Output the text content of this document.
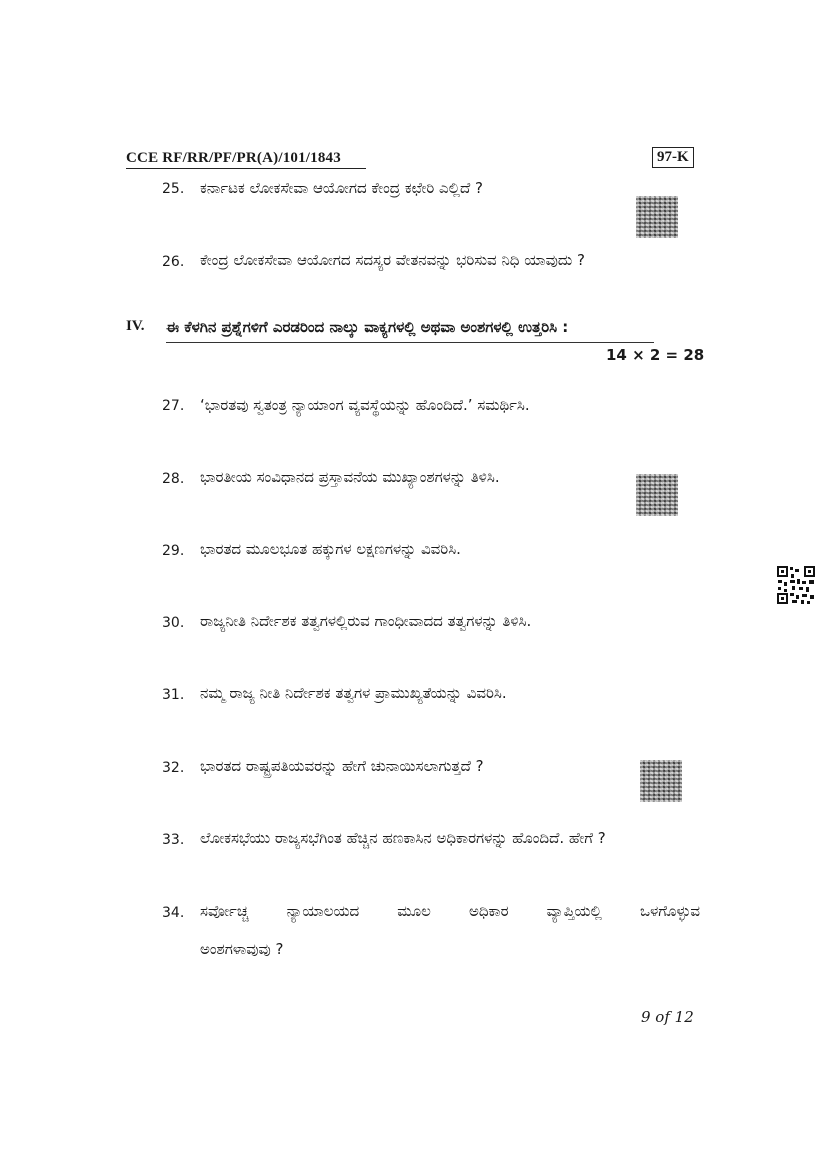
CCE RF/RR/PF/PR(A)/101/1843	97-K
25.	ಕರ್ನಾಟಕ ಲೋಕಸೇವಾ ಆಯೋಗದ ಕೇಂದ್ರ ಕಛೇರಿ ಎಲ್ಲಿದೆ ?
26.	ಕೇಂದ್ರ ಲೋಕಸೇವಾ ಆಯೋಗದ ಸದಸ್ಯರ ವೇತನವನ್ನು ಭರಿಸುವ ನಿಧಿ ಯಾವುದು ?
IV. ಈ ಕೆಳಗಿನ ಪ್ರಶ್ನೆಗಳಿಗೆ ಎರಡರಿಂದ ನಾಲ್ಕು ವಾಕ್ಯಗಳಲ್ಲಿ ಅಥವಾ ಅಂಶಗಳಲ್ಲಿ ಉತ್ತರಿಸಿ :
14 × 2 = 28
27.	‘ಭಾರತವು ಸ್ವತಂತ್ರ ನ್ಯಾಯಾಂಗ ವ್ಯವಸ್ಥೆಯನ್ನು ಹೊಂದಿದೆ.’ ಸಮರ್ಥಿಸಿ.
28.	ಭಾರತೀಯ ಸಂವಿಧಾನದ ಪ್ರಸ್ತಾವನೆಯ ಮುಖ್ಯಾಂಶಗಳನ್ನು ತಿಳಿಸಿ.
29.	ಭಾರತದ ಮೂಲಭೂತ ಹಕ್ಕುಗಳ ಲಕ್ಷಣಗಳನ್ನು ವಿವರಿಸಿ.
30.	ರಾಜ್ಯನೀತಿ ನಿರ್ದೇಶಕ ತತ್ವಗಳಲ್ಲಿರುವ ಗಾಂಧೀವಾದದ ತತ್ವಗಳನ್ನು ತಿಳಿಸಿ.
31.	ನಮ್ಮ ರಾಜ್ಯ ನೀತಿ ನಿರ್ದೇಶಕ ತತ್ವಗಳ ಪ್ರಾಮುಖ್ಯತೆಯನ್ನು ವಿವರಿಸಿ.
32.	ಭಾರತದ ರಾಷ್ಟ್ರಪತಿಯವರನ್ನು ಹೇಗೆ ಚುನಾಯಿಸಲಾಗುತ್ತದೆ ?
33.	ಲೋಕಸಭೆಯು ರಾಜ್ಯಸಭೆಗಿಂತ ಹೆಚ್ಚಿನ ಹಣಕಾಸಿನ ಅಧಿಕಾರಗಳನ್ನು ಹೊಂದಿದೆ. ಹೇಗೆ ?
34.	ಸರ್ವೋಚ್ಚ ನ್ಯಾಯಾಲಯದ ಮೂಲ ಅಧಿಕಾರ ವ್ಯಾಪ್ತಿಯಲ್ಲಿ ಒಳಗೊಳ್ಳುವ
ಅಂಶಗಳಾವುವು ?
9 of 12
